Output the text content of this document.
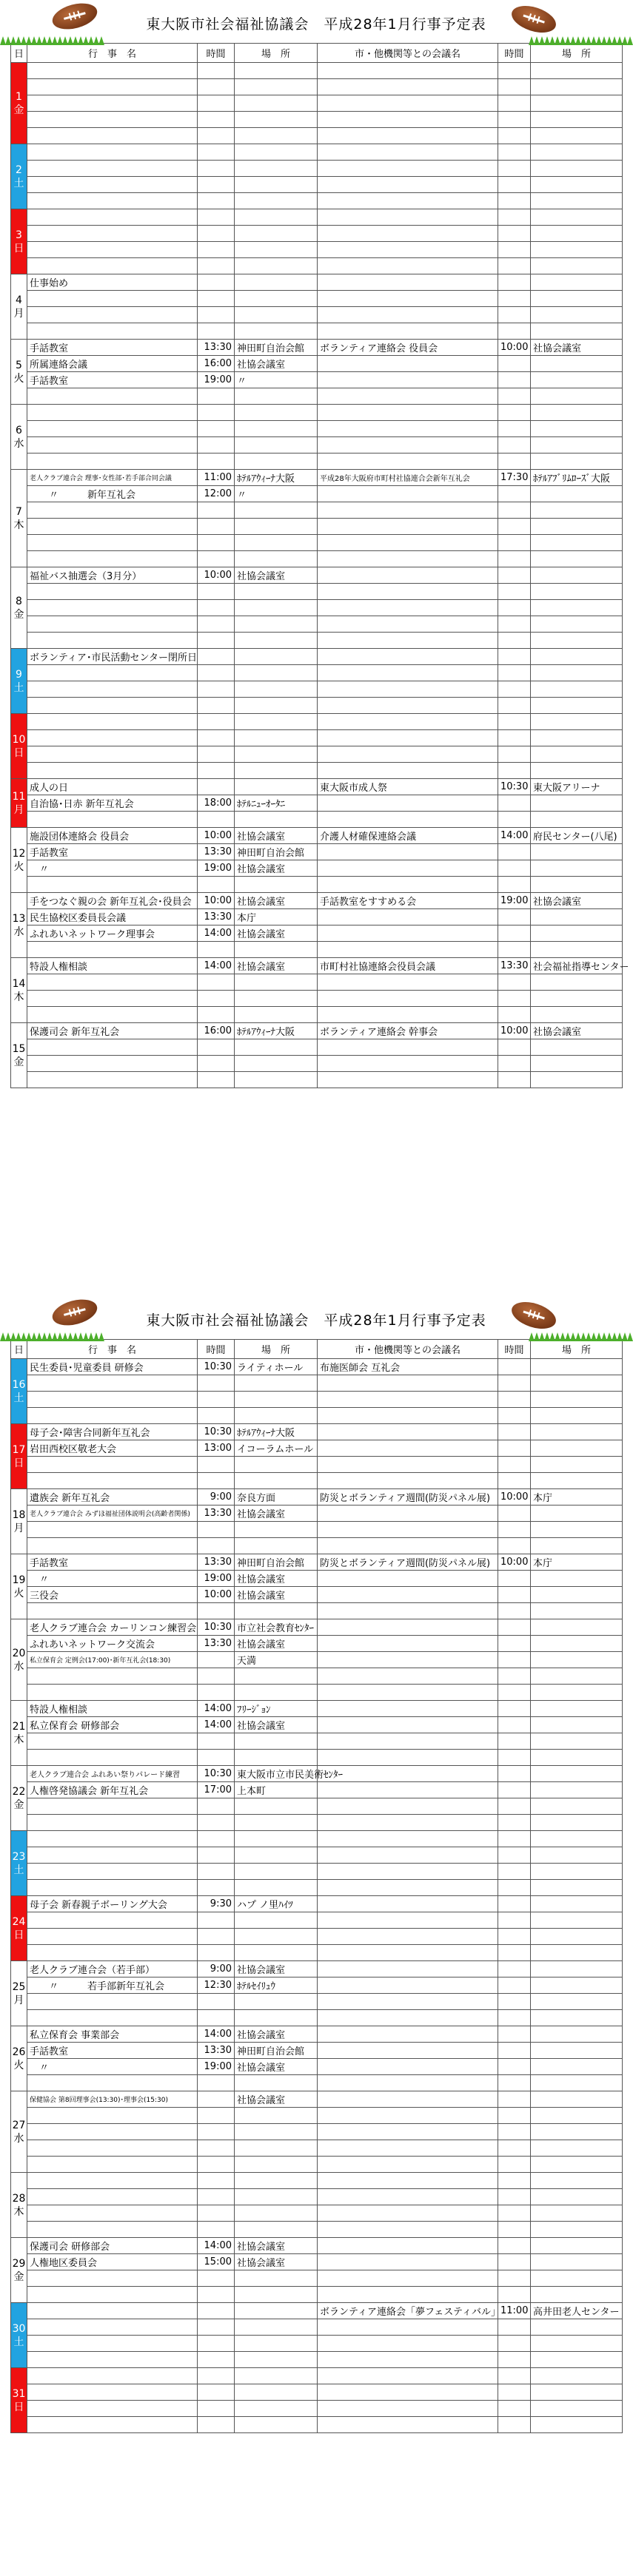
東大阪市社会福祉協議会　平成28年1月行事予定表
日	行　事　名	時間	場　所	市・他機関等との会議名	時間	場　所

1
金						

2
土						

3
日						

4
月	仕事始め					

5
火	手話教室	13:30	神田町自治会館	ボランティア連絡会 役員会	10:00	社協会議室
	所属連絡会議	16:00	社協会議室			
	手話教室	19:00	〃			

6
水						

7
木	老人クラブ連合会 理事･女性部･若手部合同会議	11:00	ﾎﾃﾙｱｳｨｰﾅ大阪	平成28年大阪府市町村社協連合会新年互礼会	17:30	ﾎﾃﾙｱﾌﾞﾘﾑﾛｰｽﾞ大阪
	　　〃　　　新年互礼会	12:00	〃			

8
金	福祉バス抽選会（3月分）	10:00	社協会議室			

9
土	ボランティア･市民活動センター閉所日					

10
日						

11
月	成人の日			東大阪市成人祭	10:30	東大阪アリーナ
	自治協･日赤 新年互礼会	18:00	ﾎﾃﾙﾆｭｰｵｰﾀﾆ			

12
火	施設団体連絡会 役員会	10:00	社協会議室	介護人材確保連絡会議	14:00	府民センター(八尾)
	手話教室	13:30	神田町自治会館			
	　〃	19:00	社協会議室			

13
水	手をつなぐ親の会 新年互礼会･役員会	10:00	社協会議室	手話教室をすすめる会	19:00	社協会議室
	民生協校区委員長会議	13:30	本庁			
	ふれあいネットワーク理事会	14:00	社協会議室			

14
木	特設人権相談	14:00	社協会議室	市町村社協連絡会役員会議	13:30	社会福祉指導センター

15
金	保護司会 新年互礼会	16:00	ﾎﾃﾙｱｳｨｰﾅ大阪	ボランティア連絡会 幹事会	10:00	社協会議室

東大阪市社会福祉協議会　平成28年1月行事予定表
日	行　事　名	時間	場　所	市・他機関等との会議名	時間	場　所

16
土	民生委員･児童委員 研修会	10:30	ライティホール	布施医師会 互礼会		

17
日	母子会･障害合同新年互礼会	10:30	ﾎﾃﾙｱｳｨｰﾅ大阪			
	岩田西校区敬老大会	13:00	イコーラムホール			

18
月	遺族会 新年互礼会	9:00	奈良方面	防災とボランティア週間(防災パネル展)	10:00	本庁
	老人クラブ連合会 みずほ福祉団体説明会(高齢者関係)	13:30	社協会議室			

19
火	手話教室	13:30	神田町自治会館	防災とボランティア週間(防災パネル展)	10:00	本庁
	　〃	19:00	社協会議室			
	三役会	10:00	社協会議室			

20
水	老人クラブ連合会 カーリンコン練習会	10:30	市立社会教育ｾﾝﾀｰ			
	ふれあいネットワーク交流会	13:30	社協会議室			
	私立保育会 定例会(17:00)･新年互礼会(18:30)		天満			

21
木	特設人権相談	14:00	ﾌﾘｰｼﾞｮﾝ			
	私立保育会 研修部会	14:00	社協会議室			

22
金	老人クラブ連合会 ふれあい祭りパレード練習	10:30	東大阪市立市民美術ｾﾝﾀｰ			
	人権啓発協議会 新年互礼会	17:00	上本町			

23
土						

24
日	母子会 新春親子ボーリング大会	9:30	ハプ ノ里ﾊｲﾂ			

25
月	老人クラブ連合会（若手部）	9:00	社協会議室			
	　　〃　　　若手部新年互礼会	12:30	ﾎﾃﾙｾｲﾘｭｳ			

26
火	私立保育会 事業部会	14:00	社協会議室			
	手話教室	13:30	神田町自治会館			
	　〃	19:00	社協会議室			

27
水	保健協会 第8回理事会(13:30)･理事会(15:30)		社協会議室			

28
木						

29
金	保護司会 研修部会	14:00	社協会議室			
	人権地区委員会	15:00	社協会議室			

30
土				ボランティア連絡会「夢フェスティバル」	11:00	高井田老人センター

31
日						
